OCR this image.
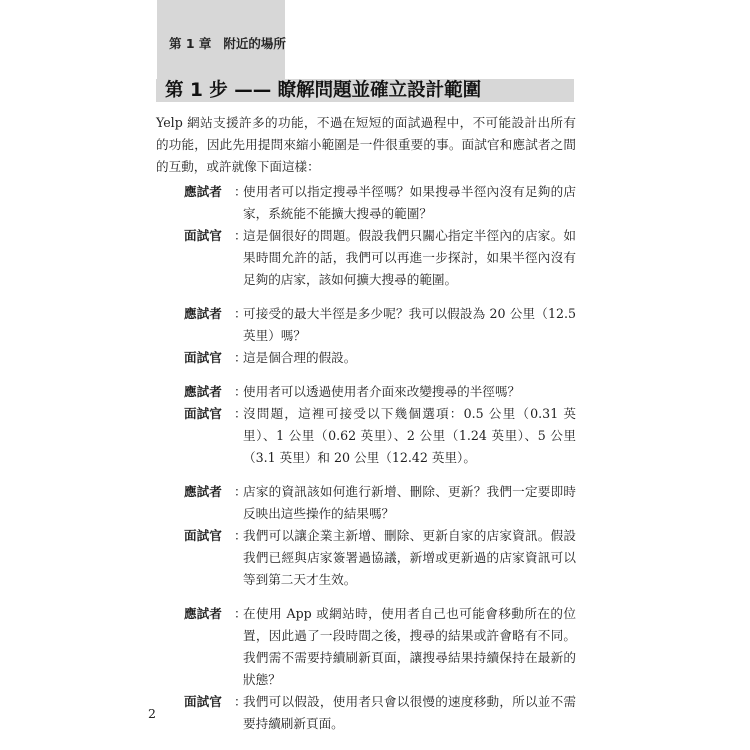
第 1 章 附近的場所
第 1 步 —— 瞭解問題並確立設計範圍
Yelp 網站支援許多的功能，不過在短短的面試過程中，不可能設計出所有的功能，因此先用提問來縮小範圍是一件很重要的事。面試官和應試者之間的互動，或許就像下面這樣：
應試者 ：
使用者可以指定搜尋半徑嗎？如果搜尋半徑內沒有足夠的店家，系統能不能擴大搜尋的範圍？
面試官 ：
這是個很好的問題。假設我們只關心指定半徑內的店家。如果時間允許的話，我們可以再進一步探討，如果半徑內沒有足夠的店家，該如何擴大搜尋的範圍。
應試者 ：
可接受的最大半徑是多少呢？我可以假設為 20 公里（12.5 英里）嗎？
面試官 ：
這是個合理的假設。
應試者 ：
使用者可以透過使用者介面來改變搜尋的半徑嗎？
面試官 ：
沒問題，這裡可接受以下幾個選項：0.5 公里（0.31 英里）、1 公里（0.62 英里）、2 公里（1.24 英里）、5 公里（3.1 英里）和 20 公里（12.42 英里）。
應試者 ：
店家的資訊該如何進行新增、刪除、更新？我們一定要即時反映出這些操作的結果嗎？
面試官 ：
我們可以讓企業主新增、刪除、更新自家的店家資訊。假設我們已經與店家簽署過協議，新增或更新過的店家資訊可以等到第二天才生效。
應試者 ：
在使用 App 或網站時，使用者自己也可能會移動所在的位置，因此過了一段時間之後，搜尋的結果或許會略有不同。我們需不需要持續刷新頁面，讓搜尋結果持續保持在最新的狀態？
面試官 ：
我們可以假設，使用者只會以很慢的速度移動，所以並不需要持續刷新頁面。
2
